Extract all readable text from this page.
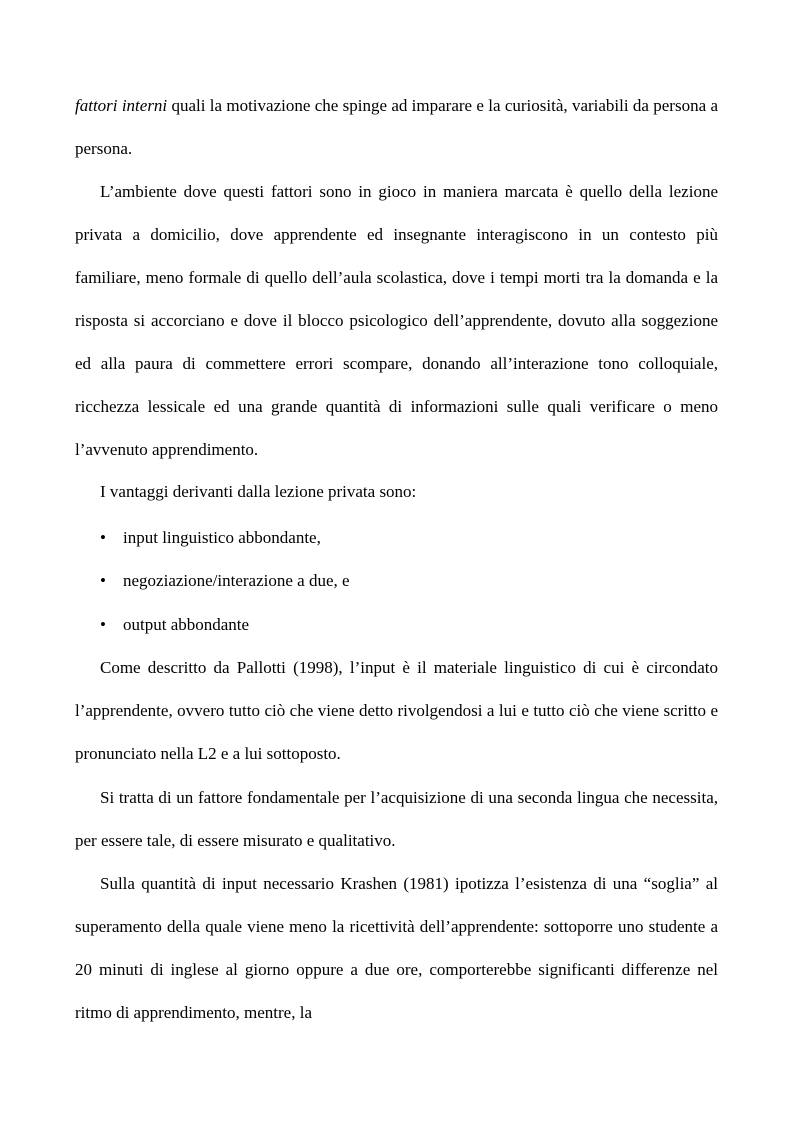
fattori interni quali la motivazione che spinge ad imparare e la curiosità, variabili da persona a persona.

L’ambiente dove questi fattori sono in gioco in maniera marcata è quello della lezione privata a domicilio, dove apprendente ed insegnante interagiscono in un contesto più familiare, meno formale di quello dell’aula scolastica, dove i tempi morti tra la domanda e la risposta si accorciano e dove il blocco psicologico dell’apprendente, dovuto alla soggezione ed alla paura di commettere errori scompare, donando all’interazione tono colloquiale, ricchezza lessicale ed una grande quantità di informazioni sulle quali verificare o meno l’avvenuto apprendimento.

I vantaggi derivanti dalla lezione privata sono:

• input linguistico abbondante,
• negoziazione/interazione a due, e
• output abbondante

Come descritto da Pallotti (1998), l’input è il materiale linguistico di cui è circondato l’apprendente, ovvero tutto ciò che viene detto rivolgendosi a lui e tutto ciò che viene scritto e pronunciato nella L2 e a lui sottoposto.

Si tratta di un fattore fondamentale per l’acquisizione di una seconda lingua che necessita, per essere tale, di essere misurato e qualitativo.

Sulla quantità di input necessario Krashen (1981) ipotizza l’esistenza di una “soglia” al superamento della quale viene meno la ricettività dell’apprendente: sottoporre uno studente a 20 minuti di inglese al giorno oppure a due ore, comporterebbe significanti differenze nel ritmo di apprendimento, mentre, la
